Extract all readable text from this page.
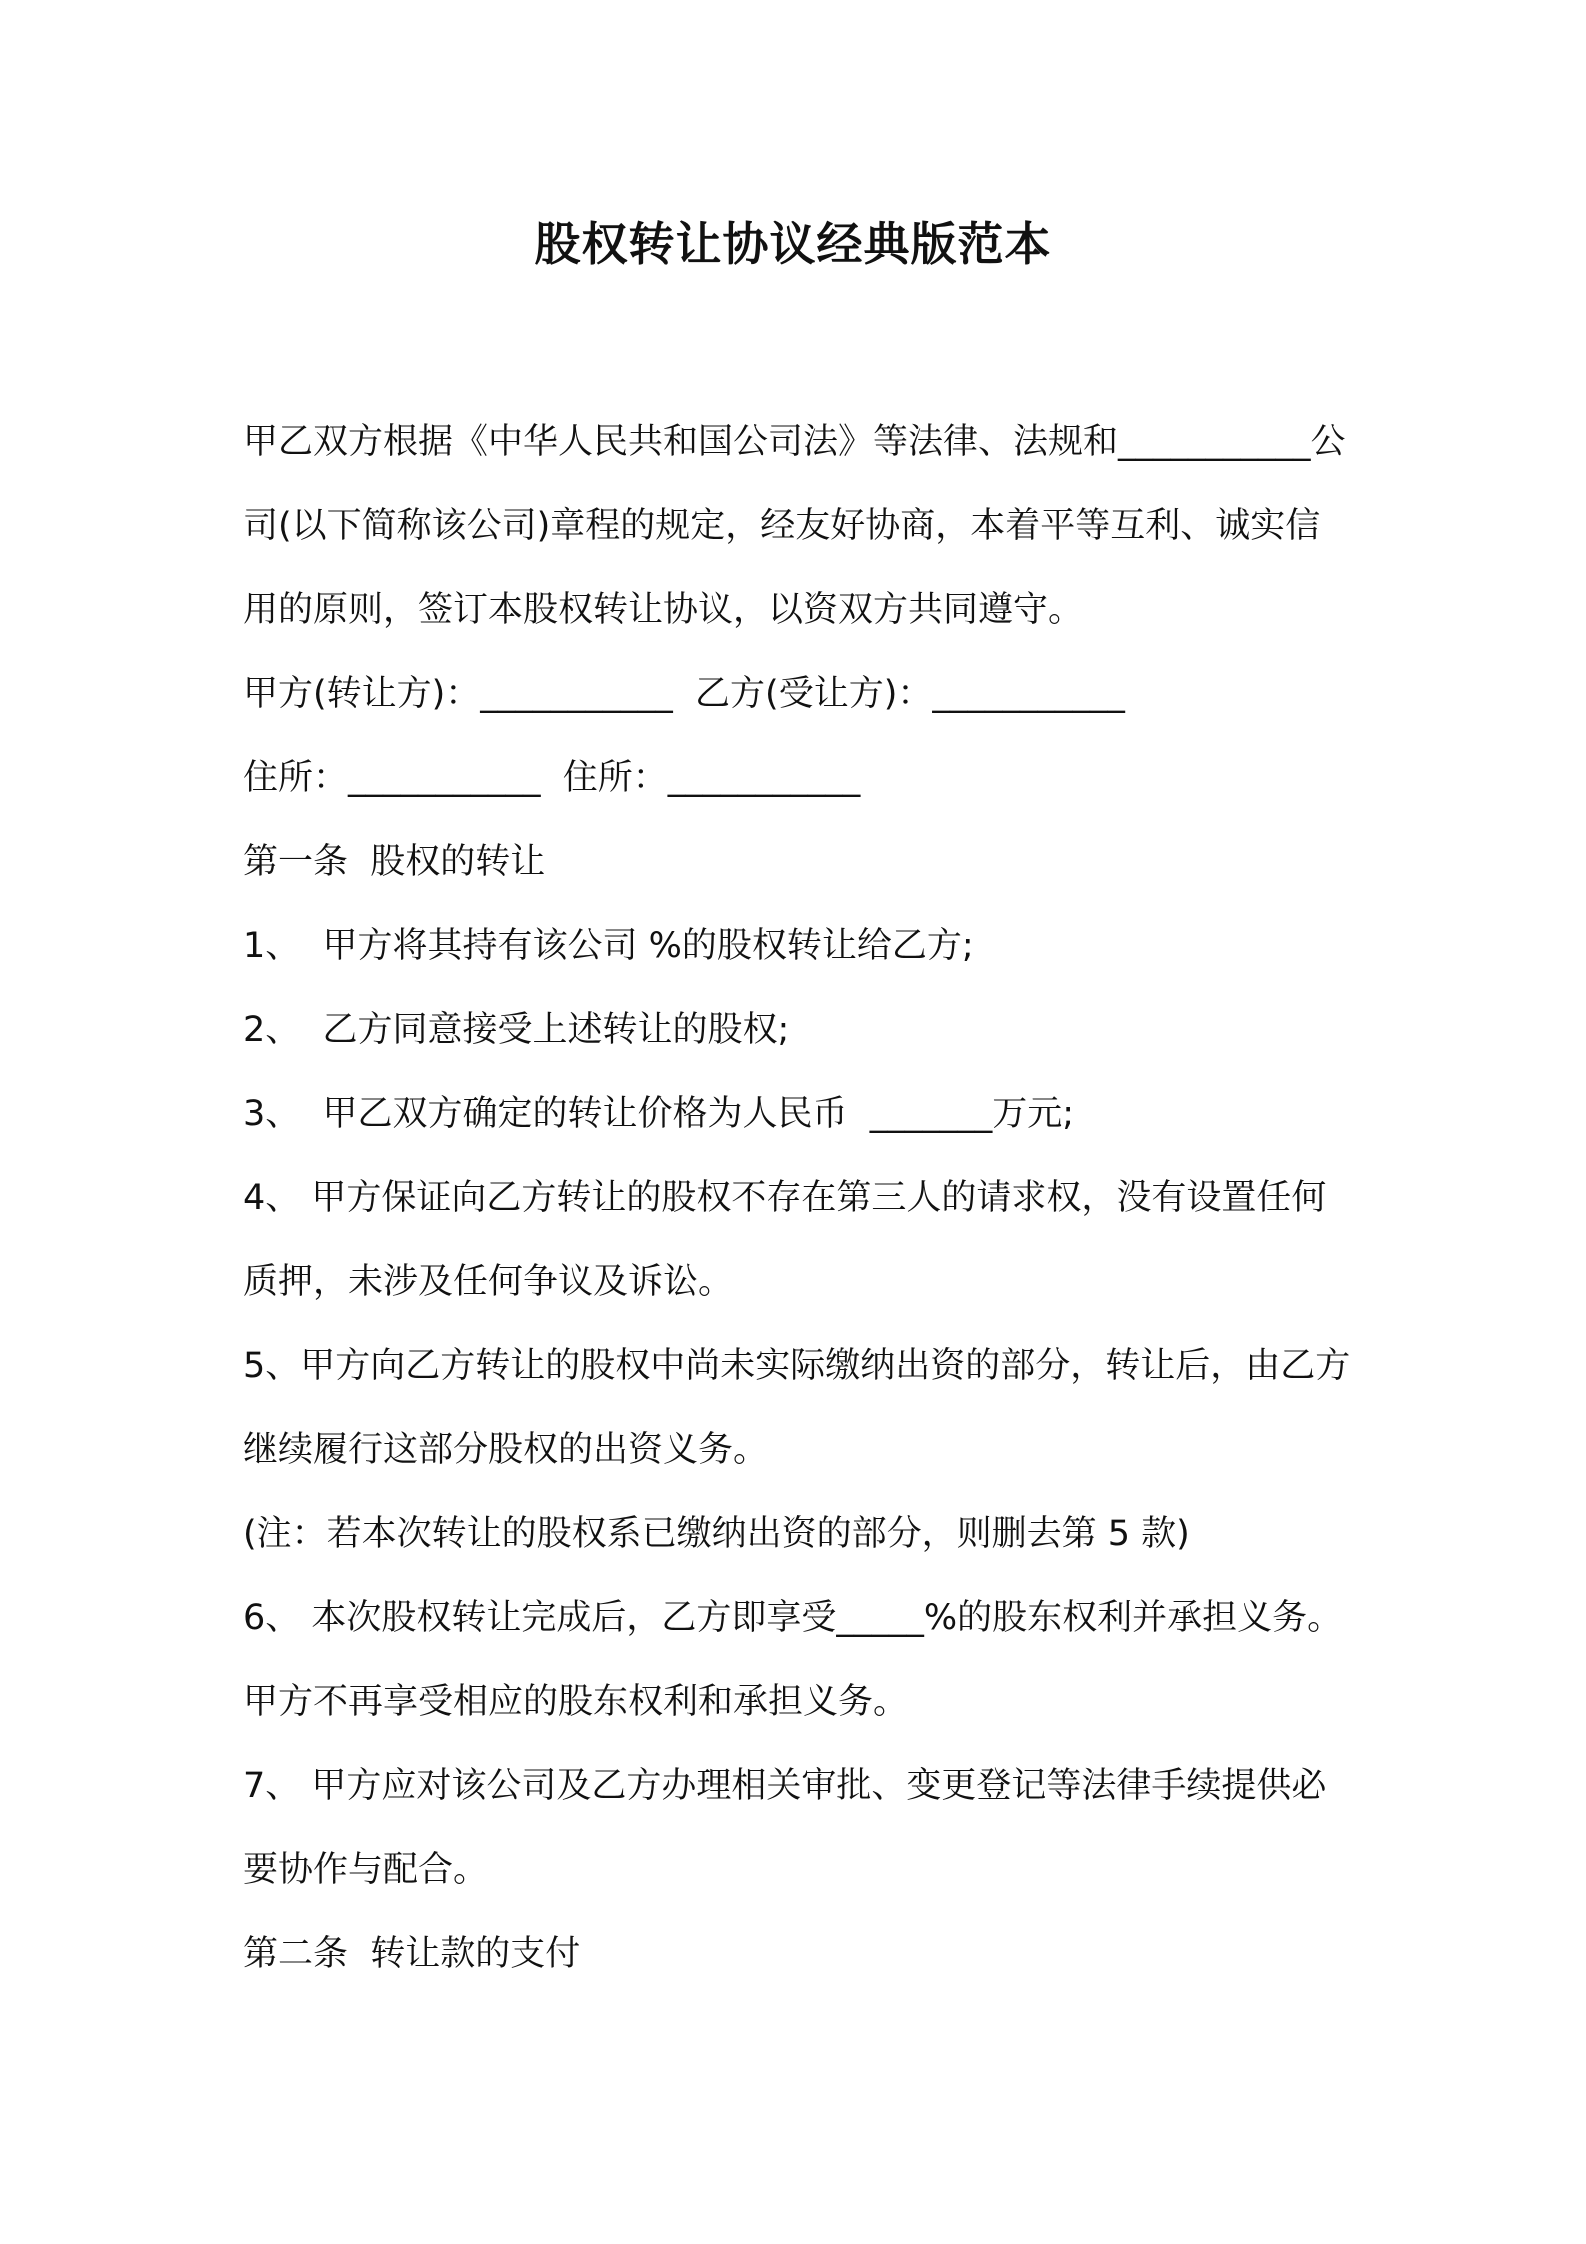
股权转让协议经典版范本

甲乙双方根据《中华人民共和国公司法》等法律、法规和___________公司(以下简称该公司)章程的规定，经友好协商，本着平等互利、诚实信用的原则，签订本股权转让协议，以资双方共同遵守。

甲方(转让方)：___________  乙方(受让方)：___________

住所：___________  住所：___________

第一条  股权的转让

1、  甲方将其持有该公司 %的股权转让给乙方;

2、  乙方同意接受上述转让的股权;

3、  甲乙双方确定的转让价格为人民币  _______万元;

4、 甲方保证向乙方转让的股权不存在第三人的请求权，没有设置任何质押，未涉及任何争议及诉讼。

5、甲方向乙方转让的股权中尚未实际缴纳出资的部分，转让后，由乙方继续履行这部分股权的出资义务。

(注：若本次转让的股权系已缴纳出资的部分，则删去第 5 款)

6、 本次股权转让完成后，乙方即享受_____%的股东权利并承担义务。甲方不再享受相应的股东权利和承担义务。

7、 甲方应对该公司及乙方办理相关审批、变更登记等法律手续提供必要协作与配合。

第二条  转让款的支付
